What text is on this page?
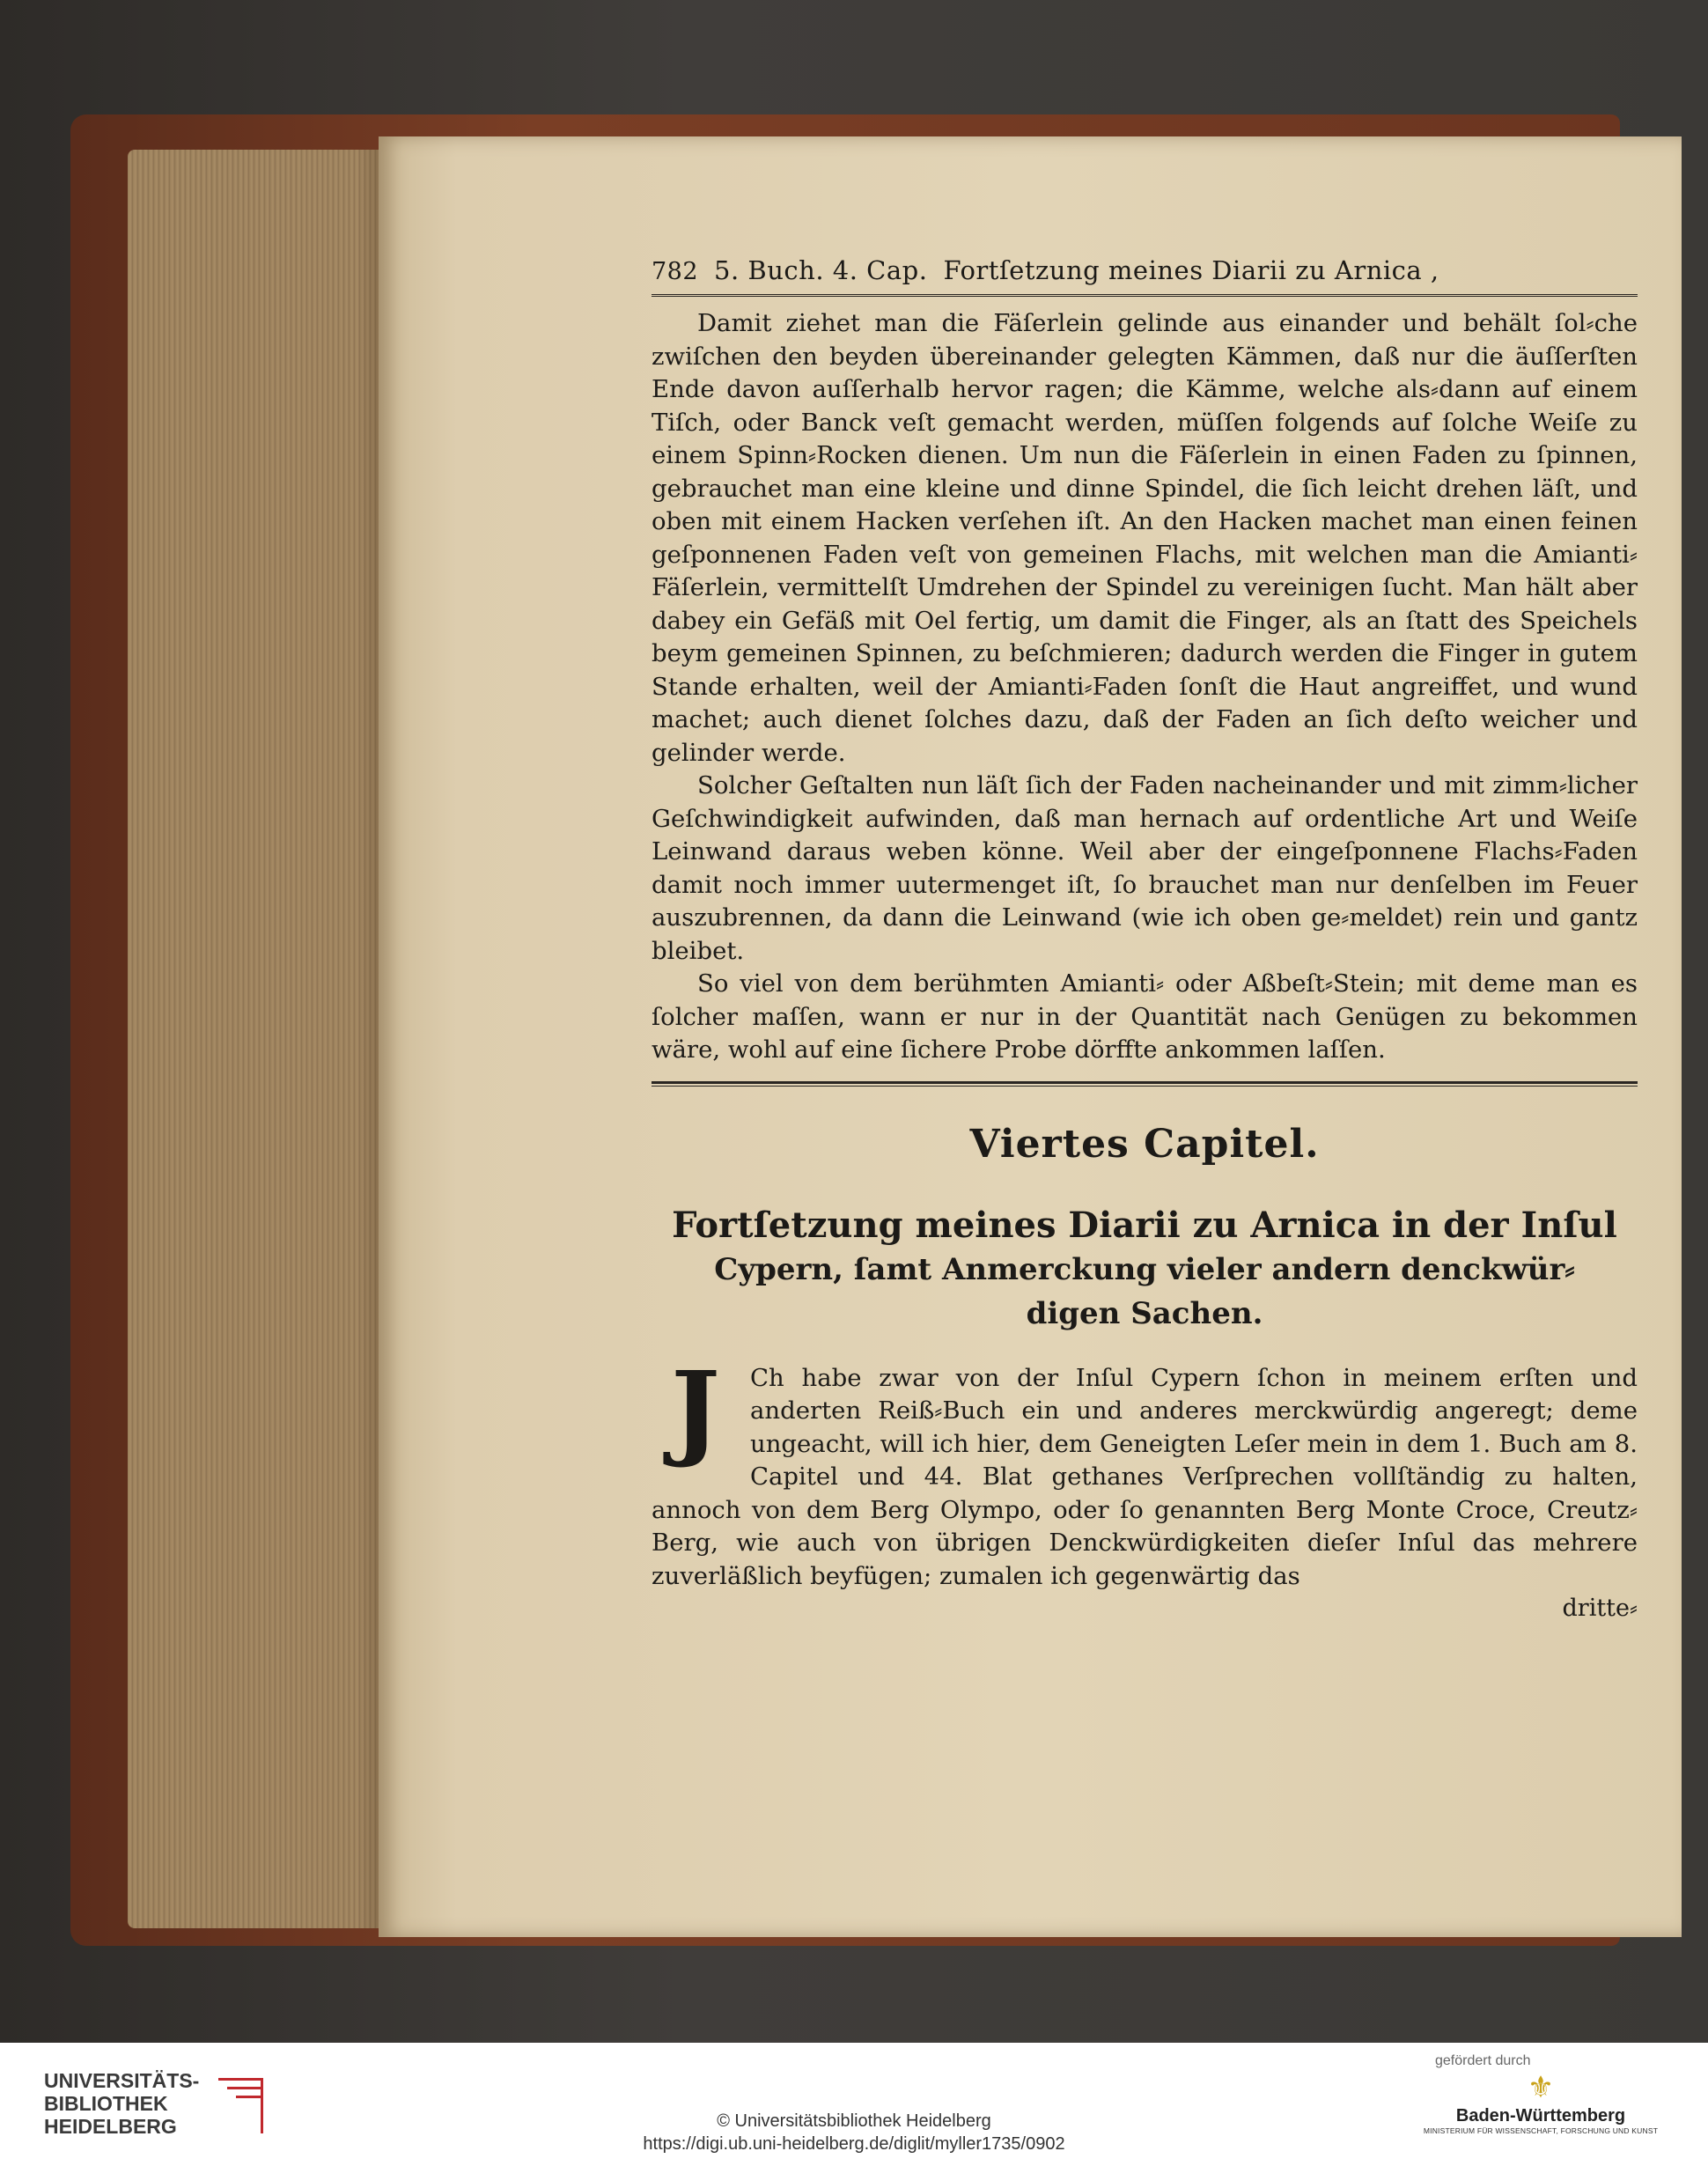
782 5. Buch. 4. Cap. Fortſetzung meines Diarii zu Arnica ,

Damit ziehet man die Fäſerlein gelinde aus einander und behält ſol⸗che zwiſchen den beyden übereinander gelegten Kämmen, daß nur die äuſſerſten Ende davon auſſerhalb hervor ragen; die Kämme, welche als⸗dann auf einem Tiſch, oder Banck veſt gemacht werden, müſſen folgends auf ſolche Weiſe zu einem Spinn⸗Rocken dienen. Um nun die Fäſerlein in einen Faden zu ſpinnen, gebrauchet man eine kleine und dinne Spindel, die ſich leicht drehen läſt, und oben mit einem Hacken verſehen iſt. An den Hacken machet man einen feinen geſponnenen Faden veſt von gemeinen Flachs, mit welchen man die Amianti⸗Fäſerlein, vermittelſt Umdrehen der Spindel zu vereinigen ſucht. Man hält aber dabey ein Gefäß mit Oel fertig, um damit die Finger, als an ſtatt des Speichels beym gemeinen Spinnen, zu beſchmieren; dadurch werden die Finger in gutem Stande erhalten, weil der Amianti⸗Faden ſonſt die Haut angreiffet, und wund machet; auch dienet ſolches dazu, daß der Faden an ſich deſto weicher und gelinder werde.

Solcher Geſtalten nun läſt ſich der Faden nacheinander und mit zimm⸗licher Geſchwindigkeit aufwinden, daß man hernach auf ordentliche Art und Weiſe Leinwand daraus weben könne. Weil aber der eingeſponnene Flachs⸗Faden damit noch immer uutermenget iſt, ſo brauchet man nur denſelben im Feuer auszubrennen, da dann die Leinwand (wie ich oben ge⸗meldet) rein und gantz bleibet.

So viel von dem berühmten Amianti⸗ oder Aßbeſt⸗Stein; mit deme man es ſolcher maſſen, wann er nur in der Quantität nach Genügen zu bekommen wäre, wohl auf eine ſichere Probe dörffte ankommen laſſen.

Viertes Capitel.
Fortſetzung meines Diarii zu Arnica in der Inſul
Cypern, ſamt Anmerckung vieler andern denckwür⸗
digen Sachen.
J	Ch habe zwar von der Inſul Cypern ſchon in meinem erſten und anderten Reiß⸗Buch ein und anderes merckwürdig angeregt; deme ungeacht, will ich hier, dem Geneigten Leſer mein in dem 1. Buch am 8. Capitel und 44. Blat gethanes Verſprechen vollſtändig zu halten, annoch von dem Berg Olympo, oder ſo genannten Berg Monte Croce, Creutz⸗Berg, wie auch von übrigen Denckwürdigkeiten dieſer Inſul das mehrere zuverläßlich beyfügen; zumalen ich gegenwärtig das

dritte⸗
UNIVERSITÄTS-
BIBLIOTHEK
HEIDELBERG	© Universitätsbibliothek Heidelberg
https://digi.ub.uni-heidelberg.de/diglit/myller1735/0902
gefördert durch
⚜
Baden-Württemberg
MINISTERIUM FÜR WISSENSCHAFT, FORSCHUNG UND KUNST
